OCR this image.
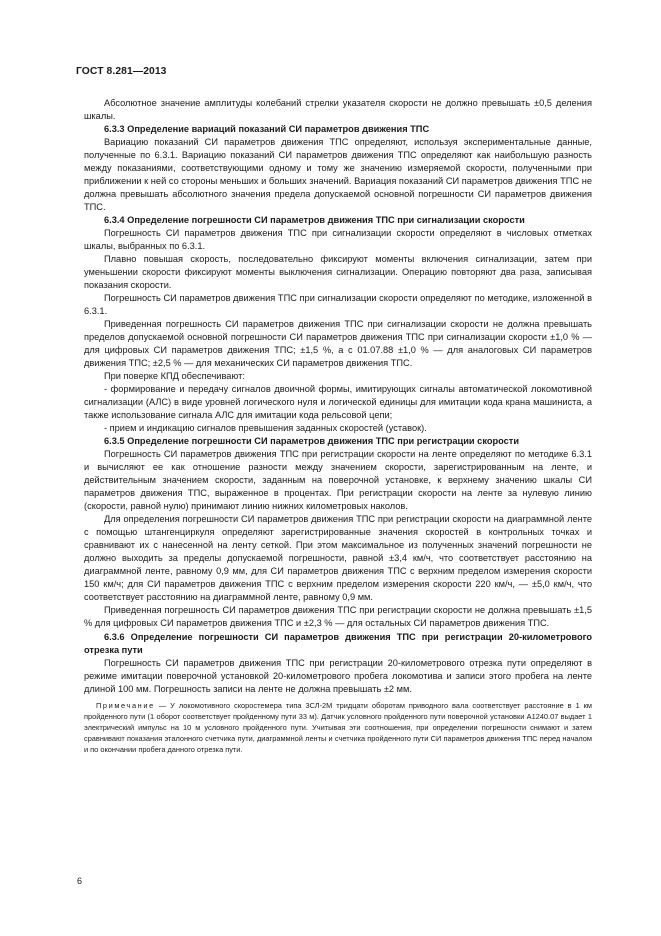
ГОСТ 8.281—2013

Абсолютное значение амплитуды колебаний стрелки указателя скорости не должно превышать ±0,5 деления шкалы.

6.3.3 Определение вариаций показаний СИ параметров движения ТПС

Вариацию показаний СИ параметров движения ТПС определяют, используя экспериментальные данные, полученные по 6.3.1. Вариацию показаний СИ параметров движения ТПС определяют как наибольшую разность между показаниями, соответствующими одному и тому же значению измеряемой скорости, полученными при приближении к ней со стороны меньших и больших значений. Вариация показаний СИ параметров движения ТПС не должна превышать абсолютного значения предела допускаемой основной погрешности СИ параметров движения ТПС.

6.3.4 Определение погрешности СИ параметров движения ТПС при сигнализации скорости

Погрешность СИ параметров движения ТПС при сигнализации скорости определяют в числовых отметках шкалы, выбранных по 6.3.1.

Плавно повышая скорость, последовательно фиксируют моменты включения сигнализации, затем при уменьшении скорости фиксируют моменты выключения сигнализации. Операцию повторяют два раза, записывая показания скорости.

Погрешность СИ параметров движения ТПС при сигнализации скорости определяют по методике, изложенной в 6.3.1.

Приведенная погрешность СИ параметров движения ТПС при сигнализации скорости не должна превышать пределов допускаемой основной погрешности СИ параметров движения ТПС при сигнализации скорости ±1,0 % — для цифровых СИ параметров движения ТПС; ±1,5 %, а с 01.07.88 ±1,0 % — для аналоговых СИ параметров движения ТПС; ±2,5 % — для механических СИ параметров движения ТПС.

При поверке КПД обеспечивают:

- формирование и передачу сигналов двоичной формы, имитирующих сигналы автоматической локомотивной сигнализации (АЛС) в виде уровней логического нуля и логической единицы для имитации кода крана машиниста, а также использование сигнала АЛС для имитации кода рельсовой цепи;

- прием и индикацию сигналов превышения заданных скоростей (уставок).

6.3.5 Определение погрешности СИ параметров движения ТПС при регистрации скорости

Погрешность СИ параметров движения ТПС при регистрации скорости на ленте определяют по методике 6.3.1 и вычисляют ее как отношение разности между значением скорости, зарегистрированным на ленте, и действительным значением скорости, заданным на поверочной установке, к верхнему значению шкалы СИ параметров движения ТПС, выраженное в процентах. При регистрации скорости на ленте за нулевую линию (скорости, равной нулю) принимают линию нижних километровых наколов.

Для определения погрешности СИ параметров движения ТПС при регистрации скорости на диаграммной ленте с помощью штангенциркуля определяют зарегистрированные значения скоростей в контрольных точках и сравнивают их с нанесенной на ленту сеткой. При этом максимальное из полученных значений погрешности не должно выходить за пределы допускаемой погрешности, равной ±3,4 км/ч, что соответствует расстоянию на диаграммной ленте, равному 0,9 мм, для СИ параметров движения ТПС с верхним пределом измерения скорости 150 км/ч; для СИ параметров движения ТПС с верхним пределом измерения скорости 220 км/ч, — ±5,0 км/ч, что соответствует расстоянию на диаграммной ленте, равному 0,9 мм.

Приведенная погрешность СИ параметров движения ТПС при регистрации скорости не должна превышать ±1,5 % для цифровых СИ параметров движения ТПС и ±2,3 % — для остальных СИ параметров движения ТПС.

6.3.6 Определение погрешности СИ параметров движения ТПС при регистрации 20-километрового отрезка пути

Погрешность СИ параметров движения ТПС при регистрации 20-километрового отрезка пути определяют в режиме имитации поверочной установкой 20-километрового пробега локомотива и записи этого пробега на ленте длиной 100 мм. Погрешность записи на ленте не должна превышать ±2 мм.

Примечание — У локомотивного скоростемера типа 3СЛ-2М тридцати оборотам приводного вала соответствует расстояние в 1 км пройденного пути (1 оборот соответствует пройденному пути 33 м). Датчик условного пройденного пути поверочной установки А1240.07 выдает 1 электрический импульс на 10 м условного пройденного пути. Учитывая эти соотношения, при определении погрешности снимают и затем сравнивают показания эталонного счетчика пути, диаграммной ленты и счетчика пройденного пути СИ параметров движения ТПС перед началом и по окончании пробега данного отрезка пути.

6
